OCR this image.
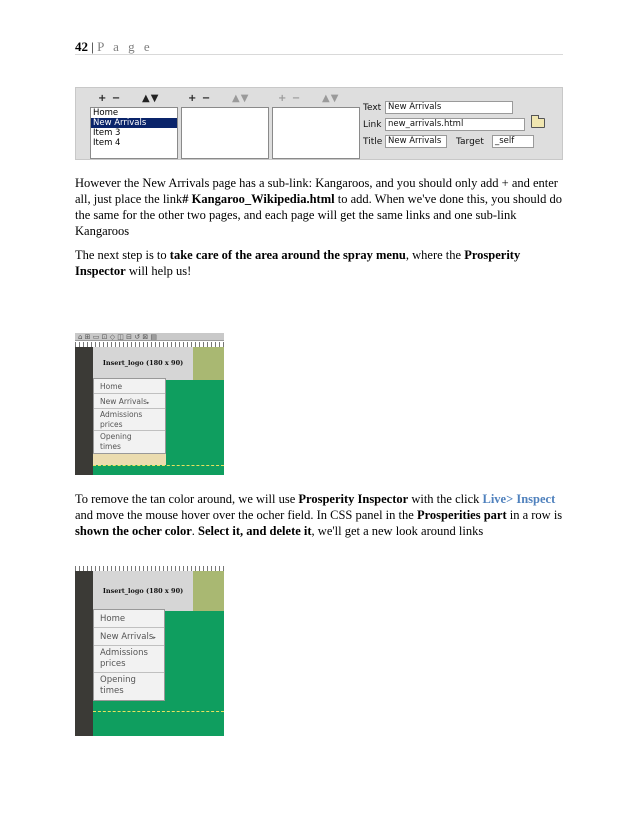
42 | P a g e
+ − ▲▼	+ − ▲▼	+ − ▲▼
Home
New Arrivals
Item 3
Item 4
Text New Arrivals
Link new_arrivals.html
Title New Arrivals	Target	_self
However the New Arrivals page has a sub-link: Kangaroos, and you should only add + and enter all, just place the link# Kangaroo_Wikipedia.html to add. When we've done this, you should do the same for the other two pages, and each page will get the same links and one sub-link Kangaroos
The next step is to take care of the area around the spray menu, where the Prosperity Inspector will help us!
⌂ ⊞ ▭ ⊡ ◇ ◫ ⊟ ↺ ⊠ ▤
Insert_logo (180 x 90)
Home
New Arrivals▸
Admissions
prices
Opening
times
To remove the tan color around, we will use Prosperity Inspector with the click Live> Inspect and move the mouse hover over the ocher field. In CSS panel in the Prosperities part in a row is shown the ocher color. Select it, and delete it, we'll get a new look around links
Insert_logo (180 x 90)
Home
New Arrivals▸
Admissions
prices
Opening
times
